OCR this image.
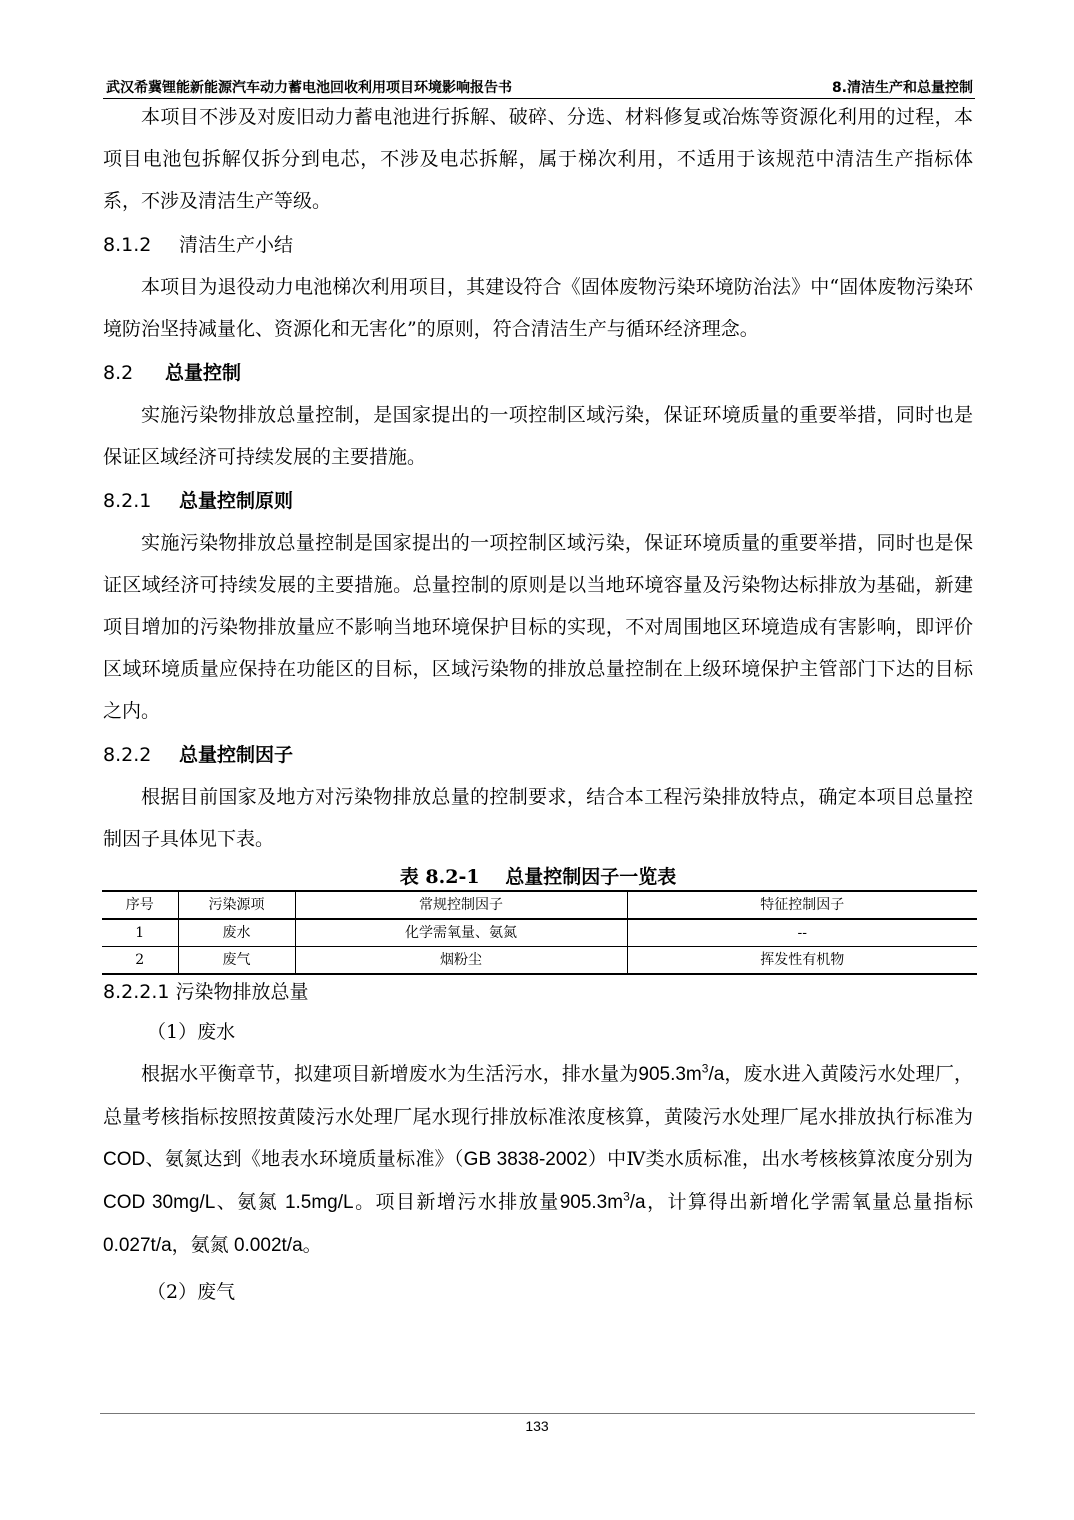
武汉希冀锂能新能源汽车动力蓄电池回收利用项目环境影响报告书	8.清洁生产和总量控制

本项目不涉及对废旧动力蓄电池进行拆解、破碎、分选、材料修复或冶炼等资源化利用的过程，本项目电池包拆解仅拆分到电芯，不涉及电芯拆解，属于梯次利用，不适用于该规范中清洁生产指标体系，不涉及清洁生产等级。

8.1.2 清洁生产小结

本项目为退役动力电池梯次利用项目，其建设符合《固体废物污染环境防治法》中“固体废物污染环境防治坚持减量化、资源化和无害化”的原则，符合清洁生产与循环经济理念。

8.2 总量控制

实施污染物排放总量控制，是国家提出的一项控制区域污染，保证环境质量的重要举措，同时也是保证区域经济可持续发展的主要措施。

8.2.1 总量控制原则

实施污染物排放总量控制是国家提出的一项控制区域污染，保证环境质量的重要举措，同时也是保证区域经济可持续发展的主要措施。总量控制的原则是以当地环境容量及污染物达标排放为基础，新建项目增加的污染物排放量应不影响当地环境保护目标的实现，不对周围地区环境造成有害影响，即评价区域环境质量应保持在功能区的目标，区域污染物的排放总量控制在上级环境保护主管部门下达的目标之内。

8.2.2 总量控制因子

根据目前国家及地方对污染物排放总量的控制要求，结合本工程污染排放特点，确定本项目总量控制因子具体见下表。

表 8.2-1　 总量控制因子一览表
序号	污染源项	常规控制因子	特征控制因子
1	废水	化学需氧量、氨氮	--
2	废气	烟粉尘	挥发性有机物
8.2.2.1 污染物排放总量

（1）废水

根据水平衡章节，拟建项目新增废水为生活污水，排水量为$905.3m^3/a$，废水进入黄陵污水处理厂，总量考核指标按照按黄陵污水处理厂尾水现行排放标准浓度核算，黄陵污水处理厂尾水排放执行标准为COD、氨氮达到《地表水环境质量标准》（GB 3838-2002）中Ⅳ类水质标准，出水考核核算浓度分别为 COD 30mg/L、氨氮 1.5mg/L。项目新增污水排放量$905.3m^3/a$，计算得出新增化学需氧量总量指标 0.027t/a，氨氮 0.002t/a。

（2）废气

133
